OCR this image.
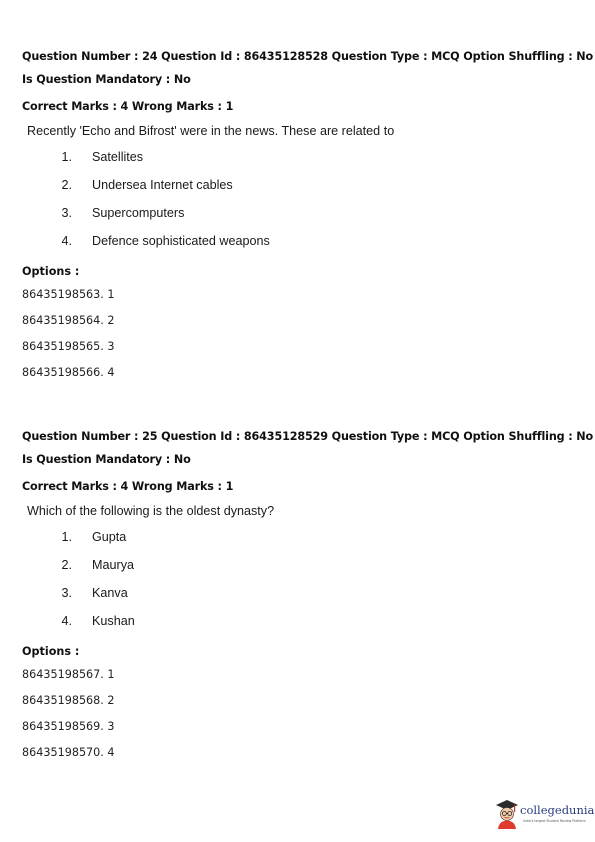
Question Number : 24 Question Id : 86435128528 Question Type : MCQ Option Shuffling : No

Is Question Mandatory : No

Correct Marks : 4 Wrong Marks : 1

Recently 'Echo and Bifrost' were in the news. These are related to

1. Satellites
2. Undersea Internet cables
3. Supercomputers
4. Defence sophisticated weapons

Options :

86435198563. 1
86435198564. 2
86435198565. 3
86435198566. 4

Question Number : 25 Question Id : 86435128529 Question Type : MCQ Option Shuffling : No

Is Question Mandatory : No

Correct Marks : 4 Wrong Marks : 1

Which of the following is the oldest dynasty?

1. Gupta
2. Maurya
3. Kanva
4. Kushan

Options :

86435198567. 1
86435198568. 2
86435198569. 3
86435198570. 4
collegedunia
India's largest Student Review Platform
